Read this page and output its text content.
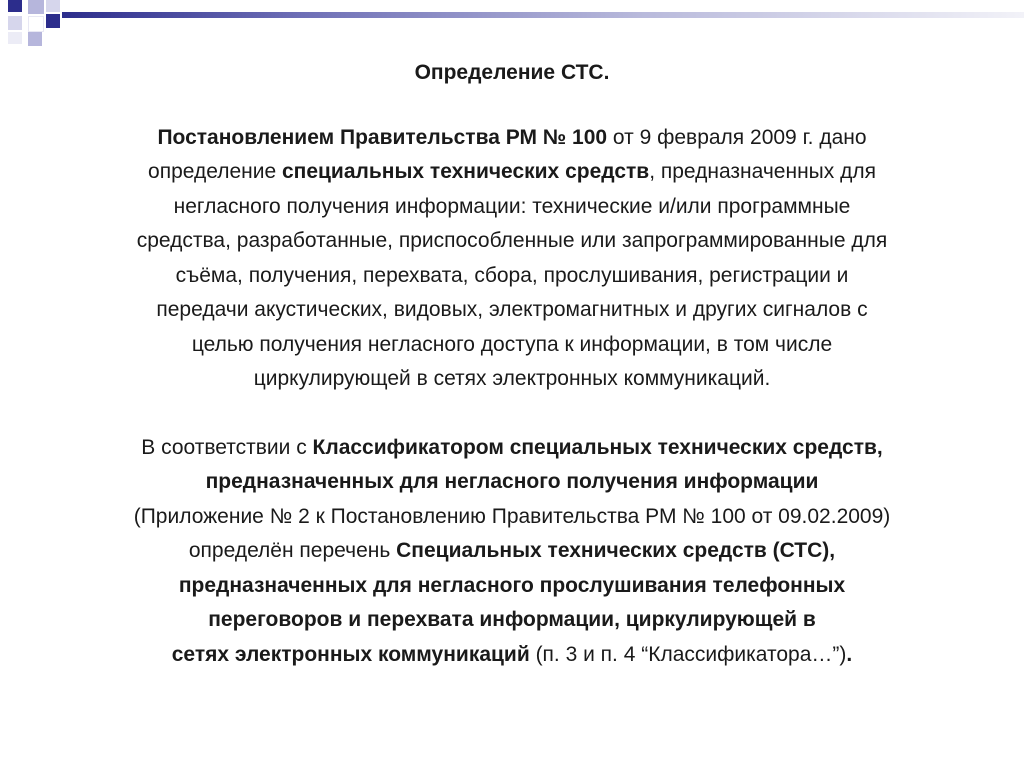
Определение СТС.

Постановлением Правительства РМ № 100 от 9 февраля 2009 г. дано
определение специальных технических средств, предназначенных для
негласного получения информации: технические и/или программные
средства, разработанные, приспособленные или запрограммированные для
съёма, получения, перехвата, сбора, прослушивания, регистрации и
передачи акустических, видовых, электромагнитных и других сигналов с
целью получения негласного доступа к информации, в том числе
циркулирующей в сетях электронных коммуникаций.

В соответствии с Классификатором специальных технических средств,
предназначенных для негласного получения информации
(Приложение № 2 к Постановлению Правительства РМ № 100 от 09.02.2009)
определён перечень Специальных технических средств (СТС),
предназначенных для негласного прослушивания телефонных
переговоров и перехвата информации, циркулирующей в
сетях электронных коммуникаций (п. 3 и п. 4 “Классификатора…”).
